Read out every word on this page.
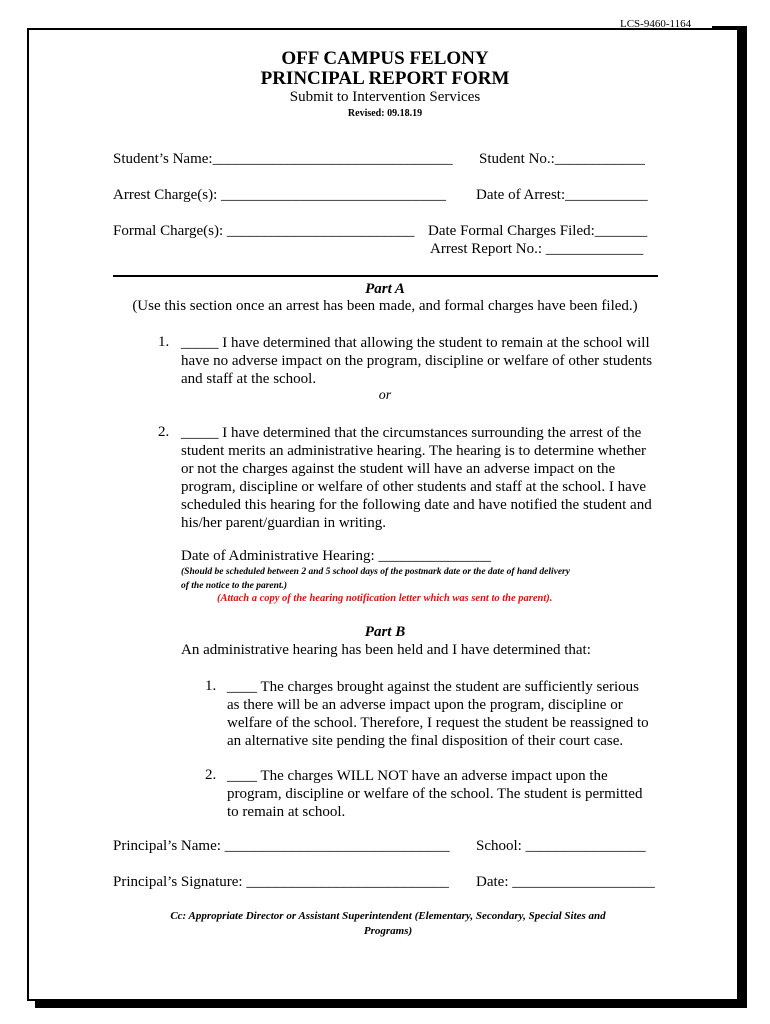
LCS-9460-1164
OFF CAMPUS FELONY
PRINCIPAL REPORT FORM
Submit to Intervention Services
Revised: 09.18.19
Student’s Name:________________________________ Student No.:____________
Arrest Charge(s): ______________________________ Date of Arrest:___________
Formal Charge(s): _________________________ Date Formal Charges Filed:_______
Arrest Report No.: _____________
Part A
(Use this section once an arrest has been made, and formal charges have been filed.)
1. _____ I have determined that allowing the student to remain at the school will
have no adverse impact on the program, discipline or welfare of other students
and staff at the school.
or
2. _____ I have determined that the circumstances surrounding the arrest of the
student merits an administrative hearing. The hearing is to determine whether
or not the charges against the student will have an adverse impact on the
program, discipline or welfare of other students and staff at the school. I have
scheduled this hearing for the following date and have notified the student and
his/her parent/guardian in writing.
Date of Administrative Hearing: _______________
(Should be scheduled between 2 and 5 school days of the postmark date or the date of hand delivery
of the notice to the parent.)
(Attach a copy of the hearing notification letter which was sent to the parent).
Part B
An administrative hearing has been held and I have determined that:
1. ____ The charges brought against the student are sufficiently serious
as there will be an adverse impact upon the program, discipline or
welfare of the school. Therefore, I request the student be reassigned to
an alternative site pending the final disposition of their court case.
2. ____ The charges WILL NOT have an adverse impact upon the
program, discipline or welfare of the school. The student is permitted
to remain at school.
Principal’s Name: ______________________________ School: ________________
Principal’s Signature: ___________________________ Date: ___________________
Cc: Appropriate Director or Assistant Superintendent (Elementary, Secondary, Special Sites and
Programs)
